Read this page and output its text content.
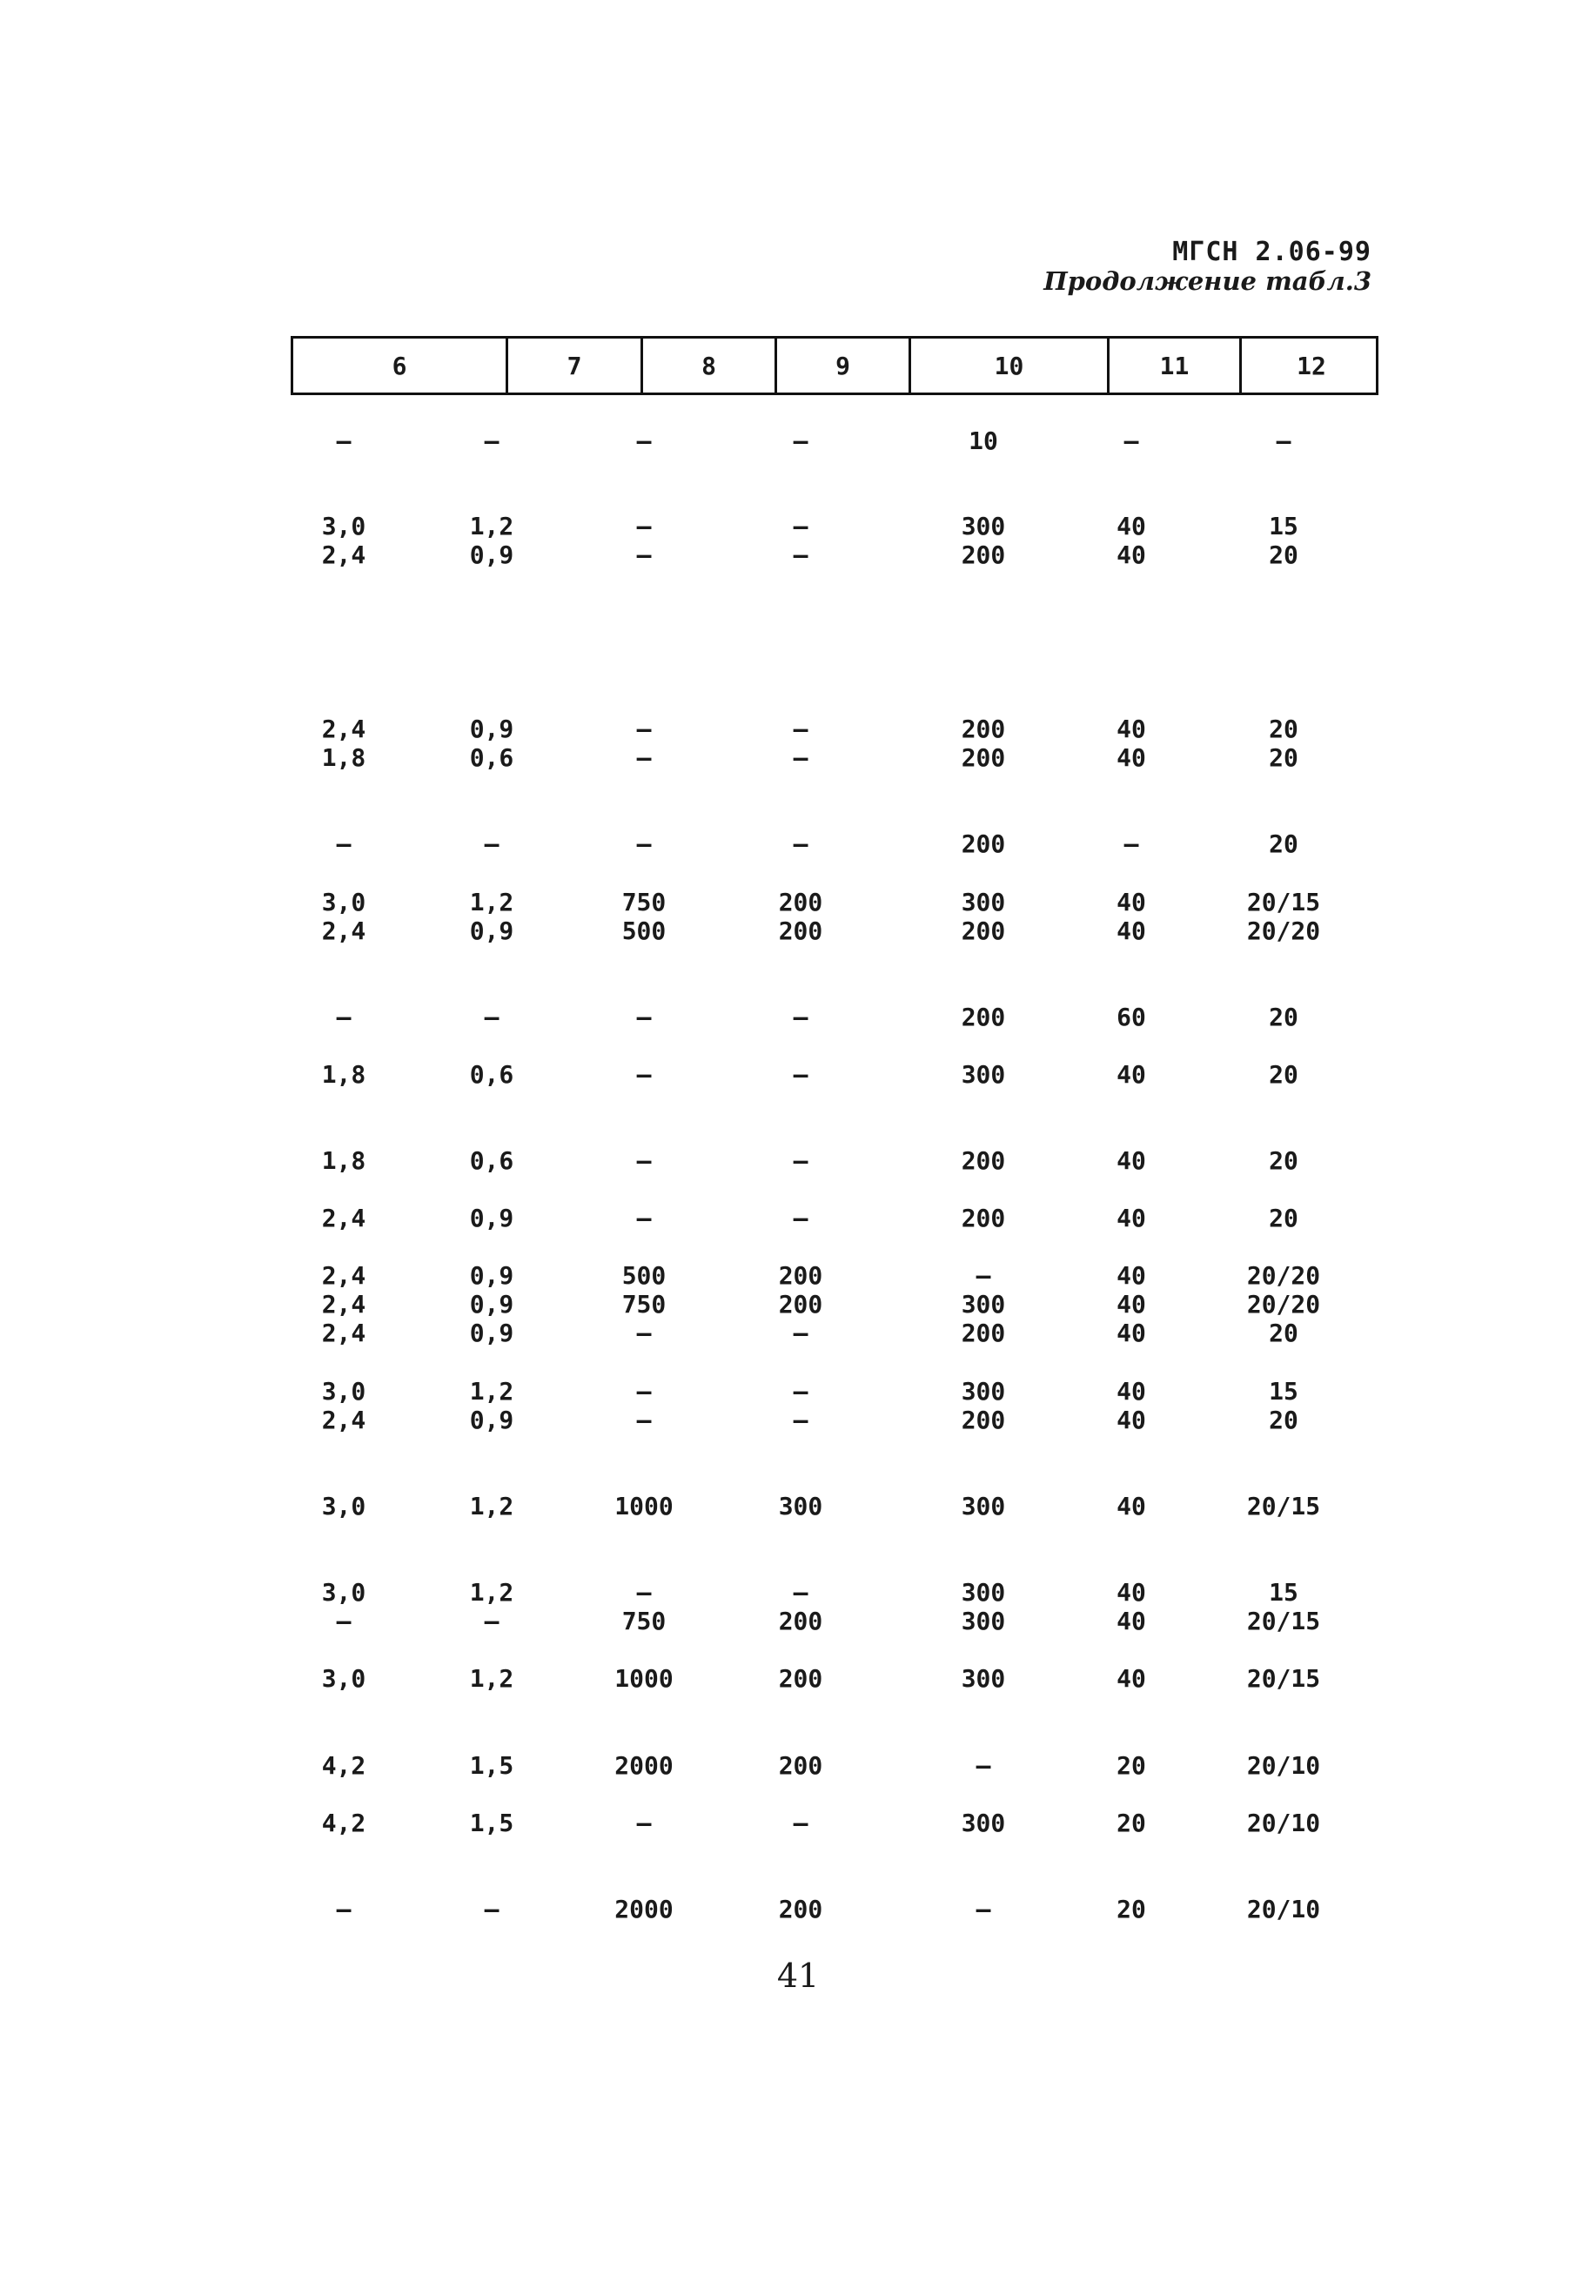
МГСН 2.06-99
Продолжение табл.3
6	7	8	9	10	11	12
–	–	–	–	10	–	–
3,0	1,2	–	–	300	40	15
2,4	0,9	–	–	200	40	20
2,4	0,9	–	–	200	40	20
1,8	0,6	–	–	200	40	20
–	–	–	–	200	–	20
3,0	1,2	750	200	300	40	20/15
2,4	0,9	500	200	200	40	20/20
–	–	–	–	200	60	20
1,8	0,6	–	–	300	40	20
1,8	0,6	–	–	200	40	20
2,4	0,9	–	–	200	40	20
2,4	0,9	500	200	–	40	20/20
2,4	0,9	750	200	300	40	20/20
2,4	0,9	–	–	200	40	20
3,0	1,2	–	–	300	40	15
2,4	0,9	–	–	200	40	20
3,0	1,2	1000	300	300	40	20/15
3,0	1,2	–	–	300	40	15
–	–	750	200	300	40	20/15
3,0	1,2	1000	200	300	40	20/15
4,2	1,5	2000	200	–	20	20/10
4,2	1,5	–	–	300	20	20/10
–	–	2000	200	–	20	20/10
41
